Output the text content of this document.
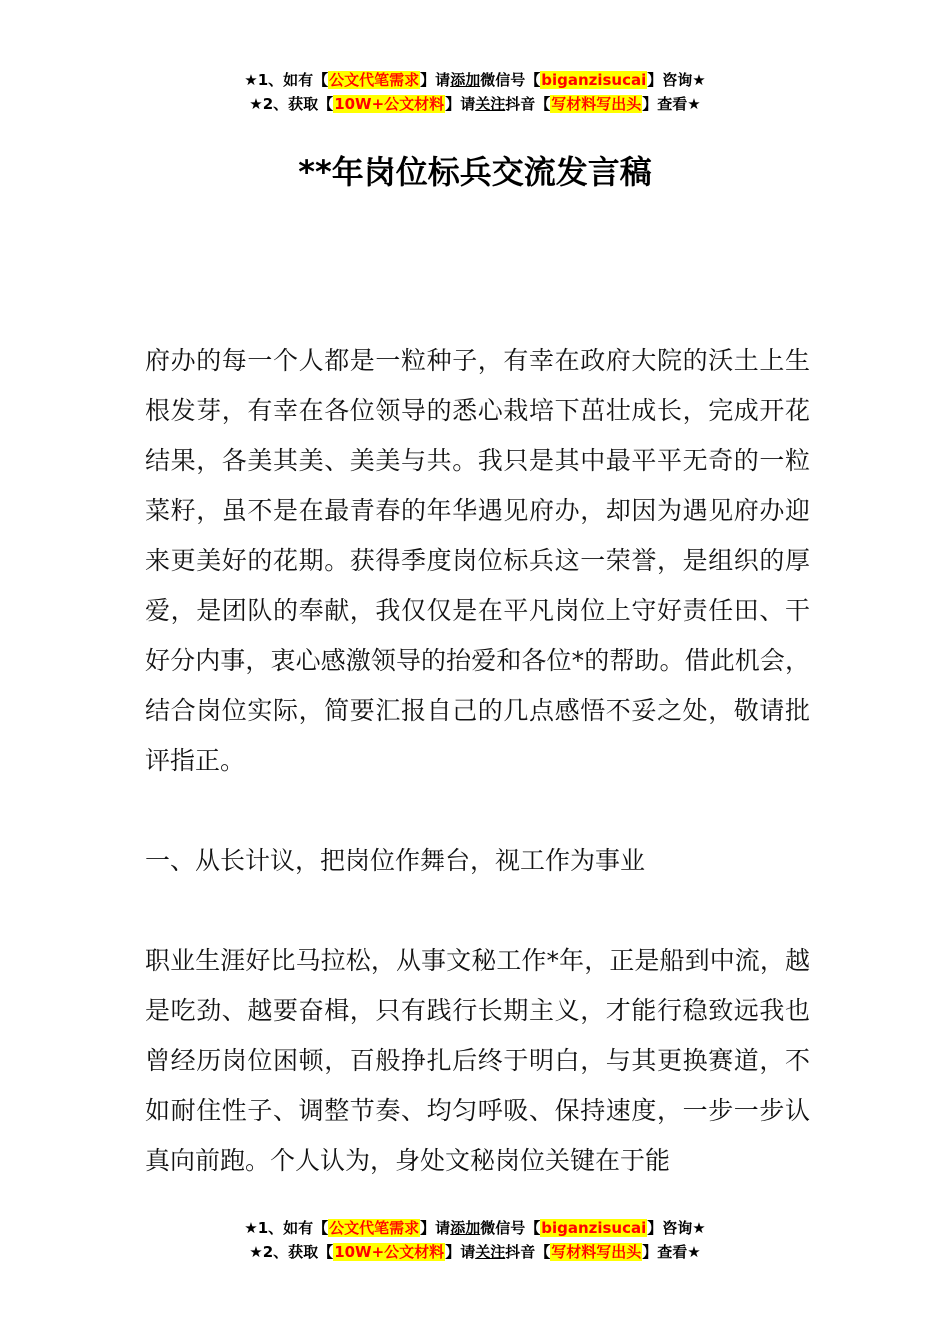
★1、如有【公文代笔需求】请添加微信号【biganzisucai】咨询★
★2、获取【10W+公文材料】请关注抖音【写材料写出头】查看★
**年岗位标兵交流发言稿

府办的每一个人都是一粒种子，有幸在政府大院的沃土上生根发芽，有幸在各位领导的悉心栽培下茁壮成长，完成开花结果，各美其美、美美与共。我只是其中最平平无奇的一粒菜籽，虽不是在最青春的年华遇见府办，却因为遇见府办迎来更美好的花期。获得季度岗位标兵这一荣誉，是组织的厚爱，是团队的奉献，我仅仅是在平凡岗位上守好责任田、干好分内事，衷心感激领导的抬爱和各位*的帮助。借此机会，结合岗位实际，简要汇报自己的几点感悟不妥之处，敬请批评指正。

一、从长计议，把岗位作舞台，视工作为事业

职业生涯好比马拉松，从事文秘工作*年，正是船到中流，越是吃劲、越要奋楫，只有践行长期主义，才能行稳致远我也曾经历岗位困顿，百般挣扎后终于明白，与其更换赛道，不如耐住性子、调整节奏、均匀呼吸、保持速度，一步一步认真向前跑。个人认为，身处文秘岗位关键在于能

★1、如有【公文代笔需求】请添加微信号【biganzisucai】咨询★
★2、获取【10W+公文材料】请关注抖音【写材料写出头】查看★
